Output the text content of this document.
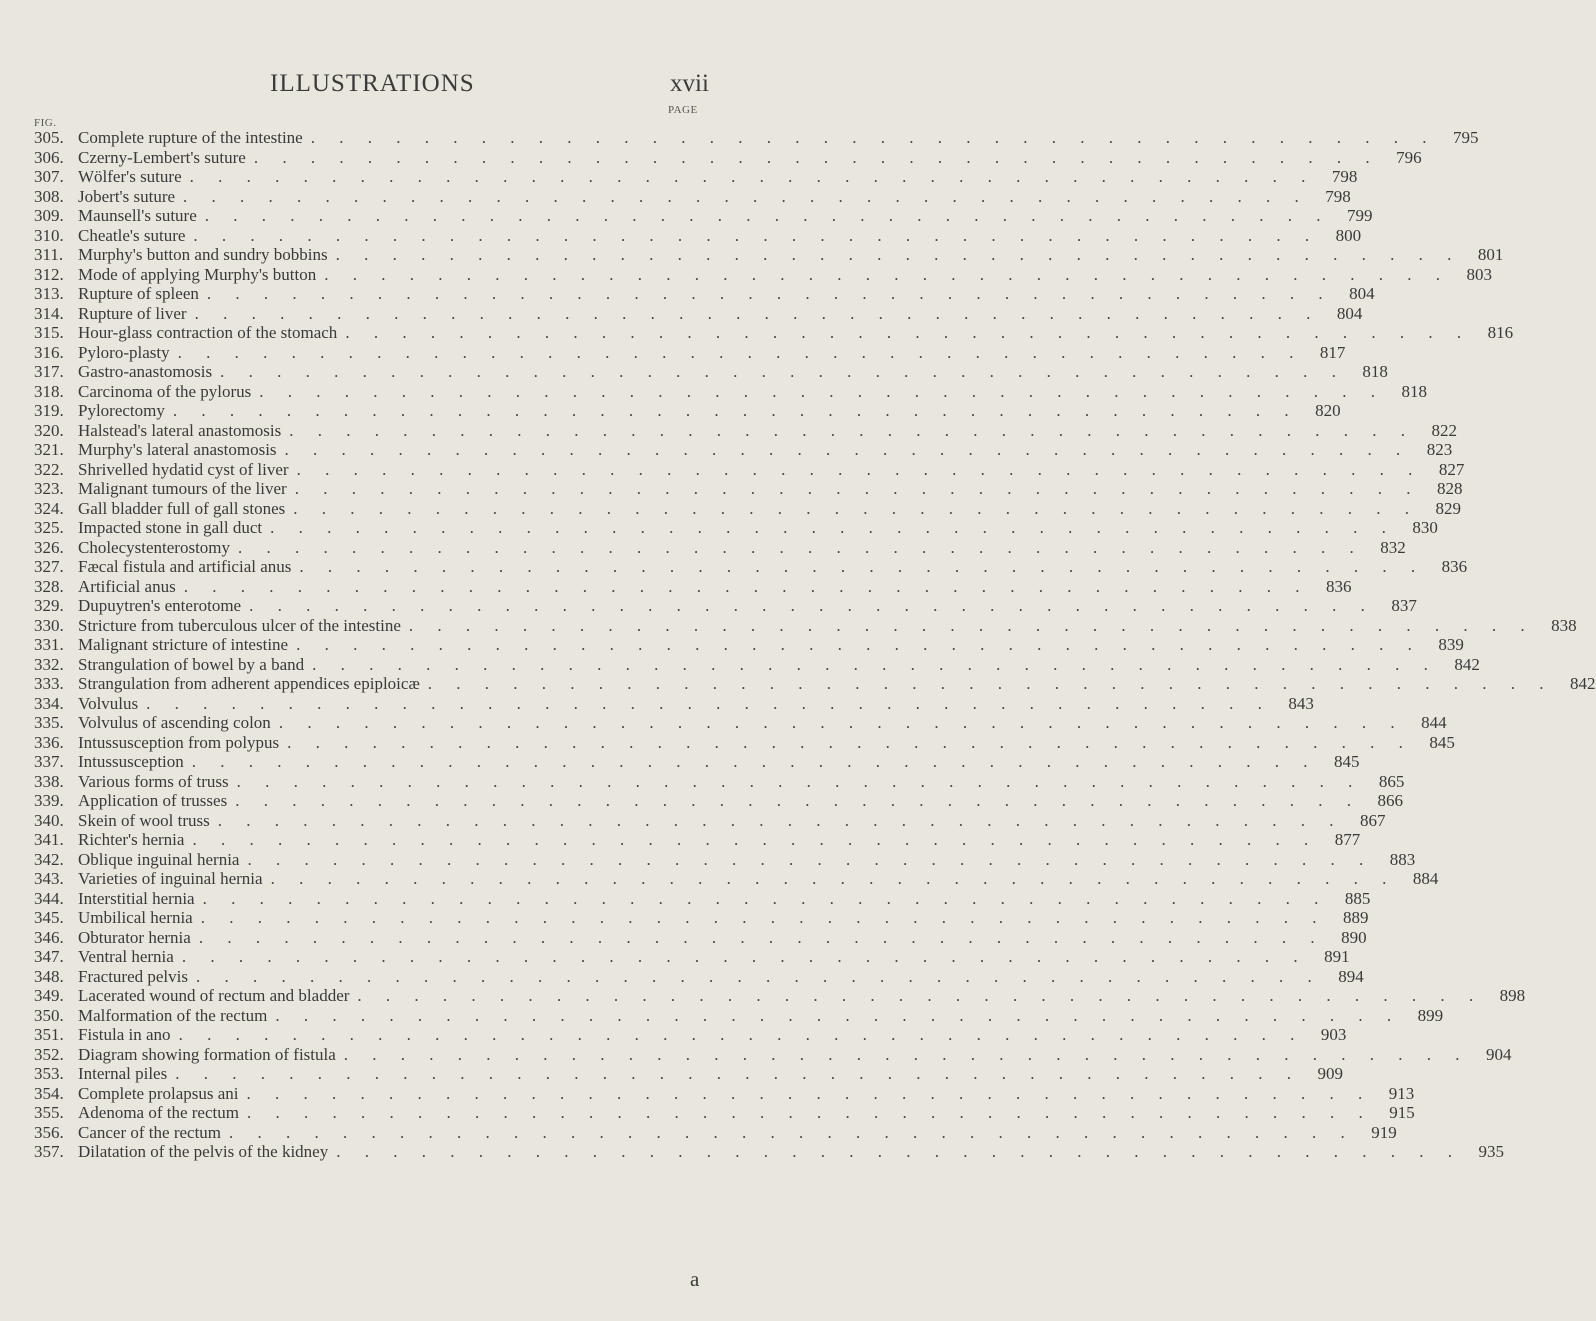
ILLUSTRATIONS	xvii
PAGE
FIG.
305. Complete rupture of the intestine . . . . . . . . . . . . . . . . . . . . . . . . . . . . . . . . . . . . . . . . 795
306. Czerny-Lembert's suture . . . . . . . . . . . . . . . . . . . . . . . . . . . . . . . . . . . . . . . . 796
307. Wölfer's suture . . . . . . . . . . . . . . . . . . . . . . . . . . . . . . . . . . . . . . . . 798
308. Jobert's suture . . . . . . . . . . . . . . . . . . . . . . . . . . . . . . . . . . . . . . . . 798
309. Maunsell's suture . . . . . . . . . . . . . . . . . . . . . . . . . . . . . . . . . . . . . . . . 799
310. Cheatle's suture . . . . . . . . . . . . . . . . . . . . . . . . . . . . . . . . . . . . . . . . 800
311. Murphy's button and sundry bobbins . . . . . . . . . . . . . . . . . . . . . . . . . . . . . . . . . . . . . . . . 801
312. Mode of applying Murphy's button . . . . . . . . . . . . . . . . . . . . . . . . . . . . . . . . . . . . . . . . 803
313. Rupture of spleen . . . . . . . . . . . . . . . . . . . . . . . . . . . . . . . . . . . . . . . . 804
314. Rupture of liver . . . . . . . . . . . . . . . . . . . . . . . . . . . . . . . . . . . . . . . . 804
315. Hour-glass contraction of the stomach . . . . . . . . . . . . . . . . . . . . . . . . . . . . . . . . . . . . . . . . 816
316. Pyloro-plasty . . . . . . . . . . . . . . . . . . . . . . . . . . . . . . . . . . . . . . . . 817
317. Gastro-anastomosis . . . . . . . . . . . . . . . . . . . . . . . . . . . . . . . . . . . . . . . . 818
318. Carcinoma of the pylorus . . . . . . . . . . . . . . . . . . . . . . . . . . . . . . . . . . . . . . . . 818
319. Pylorectomy . . . . . . . . . . . . . . . . . . . . . . . . . . . . . . . . . . . . . . . . 820
320. Halstead's lateral anastomosis . . . . . . . . . . . . . . . . . . . . . . . . . . . . . . . . . . . . . . . . 822
321. Murphy's lateral anastomosis . . . . . . . . . . . . . . . . . . . . . . . . . . . . . . . . . . . . . . . . 823
322. Shrivelled hydatid cyst of liver . . . . . . . . . . . . . . . . . . . . . . . . . . . . . . . . . . . . . . . . 827
323. Malignant tumours of the liver . . . . . . . . . . . . . . . . . . . . . . . . . . . . . . . . . . . . . . . . 828
324. Gall bladder full of gall stones . . . . . . . . . . . . . . . . . . . . . . . . . . . . . . . . . . . . . . . . 829
325. Impacted stone in gall duct . . . . . . . . . . . . . . . . . . . . . . . . . . . . . . . . . . . . . . . . 830
326. Cholecystenterostomy . . . . . . . . . . . . . . . . . . . . . . . . . . . . . . . . . . . . . . . . 832
327. Fæcal fistula and artificial anus . . . . . . . . . . . . . . . . . . . . . . . . . . . . . . . . . . . . . . . . 836
328. Artificial anus . . . . . . . . . . . . . . . . . . . . . . . . . . . . . . . . . . . . . . . . 836
329. Dupuytren's enterotome . . . . . . . . . . . . . . . . . . . . . . . . . . . . . . . . . . . . . . . . 837
330. Stricture from tuberculous ulcer of the intestine . . . . . . . . . . . . . . . . . . . . . . . . . . . . . . . . . . . . . . . . 838
331. Malignant stricture of intestine . . . . . . . . . . . . . . . . . . . . . . . . . . . . . . . . . . . . . . . . 839
332. Strangulation of bowel by a band . . . . . . . . . . . . . . . . . . . . . . . . . . . . . . . . . . . . . . . . 842
333. Strangulation from adherent appendices epiploicæ . . . . . . . . . . . . . . . . . . . . . . . . . . . . . . . . . . . . . . . . 842
334. Volvulus . . . . . . . . . . . . . . . . . . . . . . . . . . . . . . . . . . . . . . . . 843
335. Volvulus of ascending colon . . . . . . . . . . . . . . . . . . . . . . . . . . . . . . . . . . . . . . . . 844
336. Intussusception from polypus . . . . . . . . . . . . . . . . . . . . . . . . . . . . . . . . . . . . . . . . 845
337. Intussusception . . . . . . . . . . . . . . . . . . . . . . . . . . . . . . . . . . . . . . . . 845
338. Various forms of truss . . . . . . . . . . . . . . . . . . . . . . . . . . . . . . . . . . . . . . . . 865
339. Application of trusses . . . . . . . . . . . . . . . . . . . . . . . . . . . . . . . . . . . . . . . . 866
340. Skein of wool truss . . . . . . . . . . . . . . . . . . . . . . . . . . . . . . . . . . . . . . . . 867
341. Richter's hernia . . . . . . . . . . . . . . . . . . . . . . . . . . . . . . . . . . . . . . . . 877
342. Oblique inguinal hernia . . . . . . . . . . . . . . . . . . . . . . . . . . . . . . . . . . . . . . . . 883
343. Varieties of inguinal hernia . . . . . . . . . . . . . . . . . . . . . . . . . . . . . . . . . . . . . . . . 884
344. Interstitial hernia . . . . . . . . . . . . . . . . . . . . . . . . . . . . . . . . . . . . . . . . 885
345. Umbilical hernia . . . . . . . . . . . . . . . . . . . . . . . . . . . . . . . . . . . . . . . . 889
346. Obturator hernia . . . . . . . . . . . . . . . . . . . . . . . . . . . . . . . . . . . . . . . . 890
347. Ventral hernia . . . . . . . . . . . . . . . . . . . . . . . . . . . . . . . . . . . . . . . . 891
348. Fractured pelvis . . . . . . . . . . . . . . . . . . . . . . . . . . . . . . . . . . . . . . . . 894
349. Lacerated wound of rectum and bladder . . . . . . . . . . . . . . . . . . . . . . . . . . . . . . . . . . . . . . . . 898
350. Malformation of the rectum . . . . . . . . . . . . . . . . . . . . . . . . . . . . . . . . . . . . . . . . 899
351. Fistula in ano . . . . . . . . . . . . . . . . . . . . . . . . . . . . . . . . . . . . . . . . 903
352. Diagram showing formation of fistula . . . . . . . . . . . . . . . . . . . . . . . . . . . . . . . . . . . . . . . . 904
353. Internal piles . . . . . . . . . . . . . . . . . . . . . . . . . . . . . . . . . . . . . . . . 909
354. Complete prolapsus ani . . . . . . . . . . . . . . . . . . . . . . . . . . . . . . . . . . . . . . . . 913
355. Adenoma of the rectum . . . . . . . . . . . . . . . . . . . . . . . . . . . . . . . . . . . . . . . . 915
356. Cancer of the rectum . . . . . . . . . . . . . . . . . . . . . . . . . . . . . . . . . . . . . . . . 919
357. Dilatation of the pelvis of the kidney . . . . . . . . . . . . . . . . . . . . . . . . . . . . . . . . . . . . . . . . 935
a
